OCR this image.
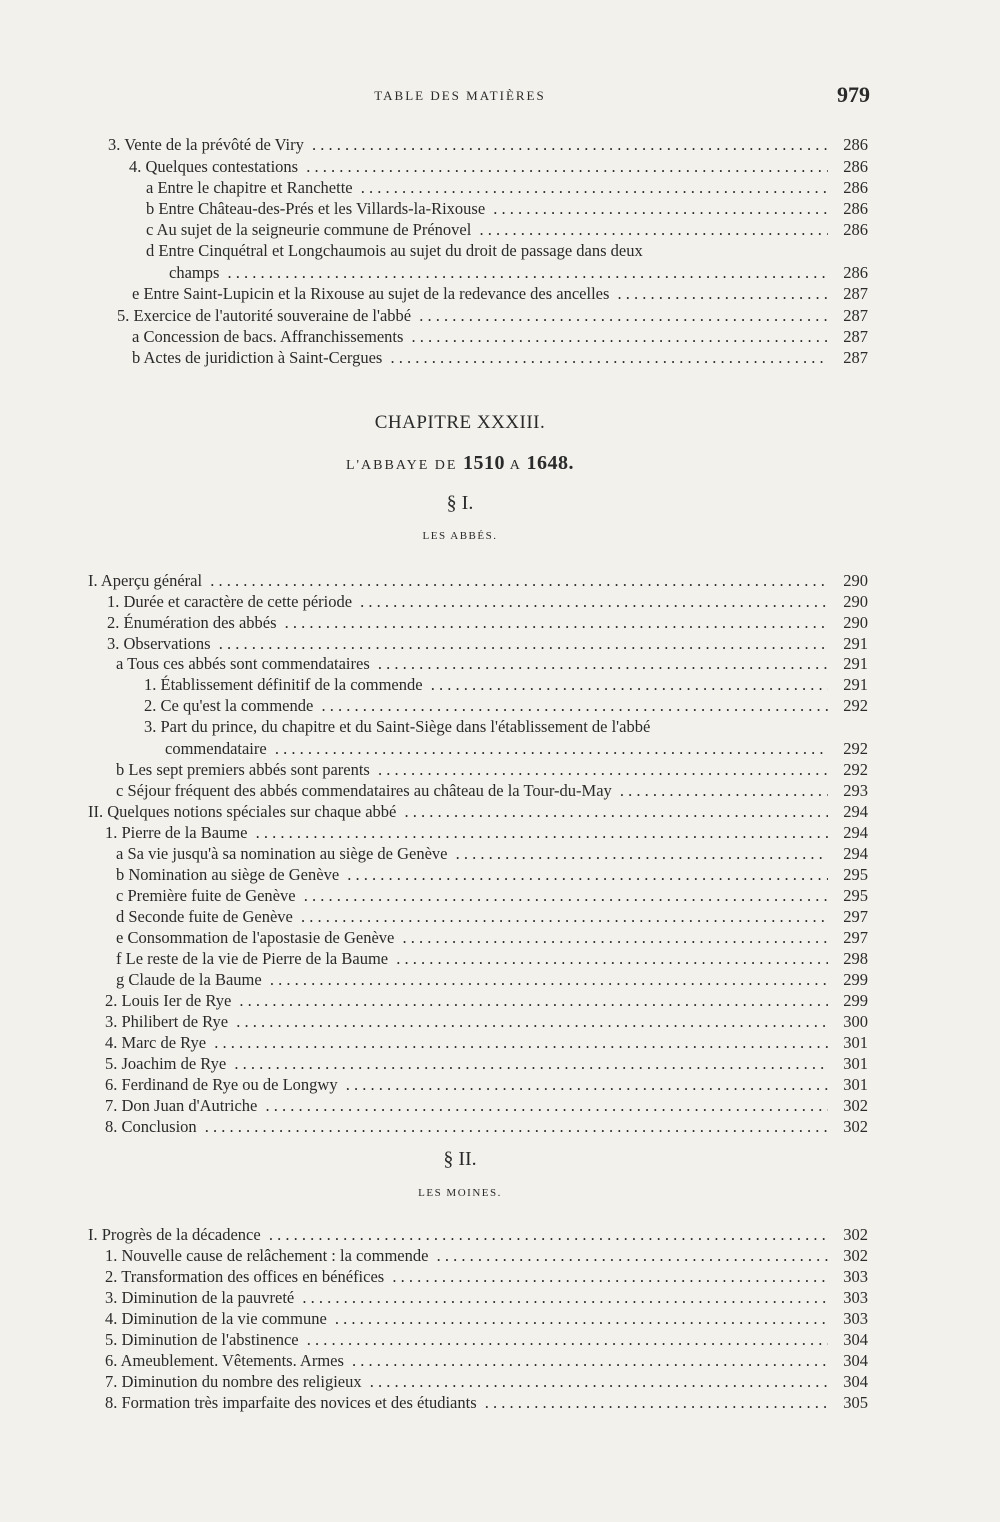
TABLE DES MATIÈRES	979
3. Vente de la prévôté de Viry . . .	286
4. Quelques contestations . . .	286
a Entre le chapitre et Ranchette . . .	286
b Entre Château-des-Prés et les Villards-la-Rixouse . . .	286
c Au sujet de la seigneurie commune de Prénovel . . .	286
d Entre Cinquétral et Longchaumois au sujet du droit de passage dans deux
champs . . .	286
e Entre Saint-Lupicin et la Rixouse au sujet de la redevance des ancelles . . .	287
5. Exercice de l'autorité souveraine de l'abbé . . .	287
a Concession de bacs. Affranchissements . . .	287
b Actes de juridiction à Saint-Cergues . . .	287
CHAPITRE XXXIII.
L'ABBAYE DE 1510 A 1648.
§ I.
LES ABBÉS.
I. Aperçu général . . .	290
1. Durée et caractère de cette période . . .	290
2. Énumération des abbés . . .	290
3. Observations . . .	291
a Tous ces abbés sont commendataires . . .	291
1. Établissement définitif de la commende . . .	291
2. Ce qu'est la commende . . .	292
3. Part du prince, du chapitre et du Saint-Siège dans l'établissement de l'abbé
commendataire . . .	292
b Les sept premiers abbés sont parents . . .	292
c Séjour fréquent des abbés commendataires au château de la Tour-du-May . . .	293
II. Quelques notions spéciales sur chaque abbé . . .	294
1. Pierre de la Baume . . .	294
a Sa vie jusqu'à sa nomination au siège de Genève . . .	294
b Nomination au siège de Genève . . .	295
c Première fuite de Genève . . .	295
d Seconde fuite de Genève . . .	297
e Consommation de l'apostasie de Genève . . .	297
f Le reste de la vie de Pierre de la Baume . . .	298
g Claude de la Baume . . .	299
2. Louis Ier de Rye . . .	299
3. Philibert de Rye . . .	300
4. Marc de Rye . . .	301
5. Joachim de Rye . . .	301
6. Ferdinand de Rye ou de Longwy . . .	301
7. Don Juan d'Autriche . . .	302
8. Conclusion . . .	302
§ II.
LES MOINES.
I. Progrès de la décadence . . .	302
1. Nouvelle cause de relâchement : la commende . . .	302
2. Transformation des offices en bénéfices . . .	303
3. Diminution de la pauvreté . . .	303
4. Diminution de la vie commune . . .	303
5. Diminution de l'abstinence . . .	304
6. Ameublement. Vêtements. Armes . . .	304
7. Diminution du nombre des religieux . . .	304
8. Formation très imparfaite des novices et des étudiants . . .	305
